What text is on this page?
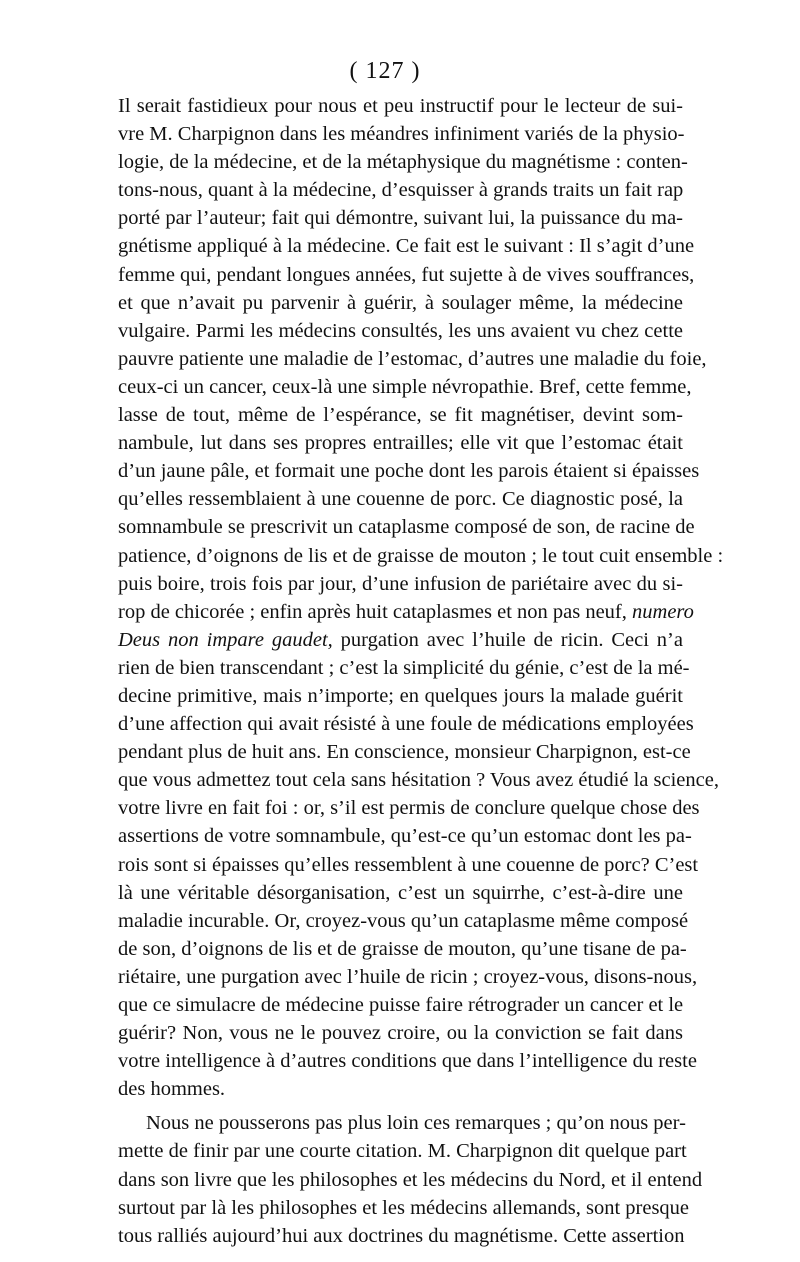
( 127 )
Il serait fastidieux pour nous et peu instructif pour le lecteur de sui-
vre M. Charpignon dans les méandres infiniment variés de la physio-
logie, de la médecine, et de la métaphysique du magnétisme : conten-
tons-nous, quant à la médecine, d’esquisser à grands traits un fait rap
porté par l’auteur; fait qui démontre, suivant lui, la puissance du ma-
gnétisme appliqué à la médecine. Ce fait est le suivant : Il s’agit d’une
femme qui, pendant longues années, fut sujette à de vives souffrances,
et que n’avait pu parvenir à guérir, à soulager même, la médecine
vulgaire. Parmi les médecins consultés, les uns avaient vu chez cette
pauvre patiente une maladie de l’estomac, d’autres une maladie du foie,
ceux-ci un cancer, ceux-là une simple névropathie. Bref, cette femme,
lasse de tout, même de l’espérance, se fit magnétiser, devint som-
nambule, lut dans ses propres entrailles; elle vit que l’estomac était
d’un jaune pâle, et formait une poche dont les parois étaient si épaisses
qu’elles ressemblaient à une couenne de porc. Ce diagnostic posé, la
somnambule se prescrivit un cataplasme composé de son, de racine de
patience, d’oignons de lis et de graisse de mouton ; le tout cuit ensemble :
puis boire, trois fois par jour, d’une infusion de pariétaire avec du si-
rop de chicorée ; enfin après huit cataplasmes et non pas neuf, numero
Deus non impare gaudet, purgation avec l’huile de ricin. Ceci n’a
rien de bien transcendant ; c’est la simplicité du génie, c’est de la mé-
decine primitive, mais n’importe; en quelques jours la malade guérit
d’une affection qui avait résisté à une foule de médications employées
pendant plus de huit ans. En conscience, monsieur Charpignon, est-ce
que vous admettez tout cela sans hésitation ? Vous avez étudié la science,
votre livre en fait foi : or, s’il est permis de conclure quelque chose des
assertions de votre somnambule, qu’est-ce qu’un estomac dont les pa-
rois sont si épaisses qu’elles ressemblent à une couenne de porc? C’est
là une véritable désorganisation, c’est un squirrhe, c’est-à-dire une
maladie incurable. Or, croyez-vous qu’un cataplasme même composé
de son, d’oignons de lis et de graisse de mouton, qu’une tisane de pa-
riétaire, une purgation avec l’huile de ricin ; croyez-vous, disons-nous,
que ce simulacre de médecine puisse faire rétrograder un cancer et le
guérir? Non, vous ne le pouvez croire, ou la conviction se fait dans
votre intelligence à d’autres conditions que dans l’intelligence du reste
des hommes.
Nous ne pousserons pas plus loin ces remarques ; qu’on nous per-
mette de finir par une courte citation. M. Charpignon dit quelque part
dans son livre que les philosophes et les médecins du Nord, et il entend
surtout par là les philosophes et les médecins allemands, sont presque
tous ralliés aujourd’hui aux doctrines du magnétisme. Cette assertion
